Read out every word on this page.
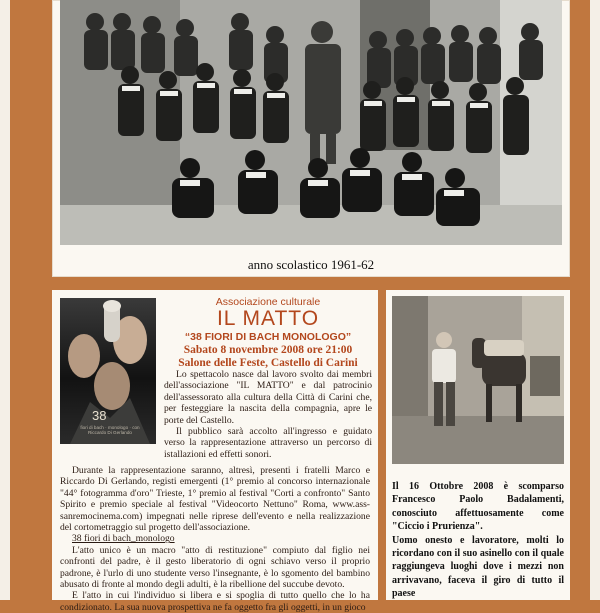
anno scolastico 1961-62
38
fiori di bach · monologo · con Riccardo Di Gerlando
Associazione culturale
IL MATTO
“38 FIORI DI BACH MONOLOGO”
Sabato 8 novembre 2008 ore 21:00
Salone delle Feste, Castello di Carini

Lo spettacolo nasce dal lavoro svolto dai membri dell'associazione "IL MATTO" e dal patrocinio dell'assessorato alla cultura della Città di Carini che, per festeggiare la nascita della compagnia, apre le porte del Castello.

Il pubblico sarà accolto all'ingresso e guidato verso la rappresentazione attraverso un percorso di istallazioni ed effetti sonori.

Durante la rappresentazione saranno, altresì, presenti i fratelli Marco e Riccardo Di Gerlando, registi emergenti (1° premio al concorso internazionale "44° fotogramma d'oro" Trieste, 1° premio al festival "Corti a confronto" Santo Spirito e premio speciale al festival "Videocorto Nettuno" Roma, www.ass-sanremocinema.com) impegnati nelle riprese dell'evento e nella realizzazione del cortometraggio sul progetto dell'associazione.

38 fiori di bach_monologo

L'atto unico è un macro "atto di restituzione" compiuto dal figlio nei confronti del padre, è il gesto liberatorio di ogni schiavo verso il proprio padrone, è l'urlo di uno studente verso l'insegnante, è lo sgomento del bambino abusato di fronte al mondo degli adulti, è la ribellione del succube devoto.

E l'atto in cui l'individuo si libera e si spoglia di tutto quello che lo ha condizionato. La sua nuova prospettiva ne fa oggetto fra gli oggetti, in un gioco

Il 16 Ottobre 2008 è scomparso Francesco Paolo Badalamenti, conosciuto affettuosamente come "Ciccio i Prurienza".

Uomo onesto e lavoratore, molti lo ricordano con il suo asinello con il quale raggiungeva luoghi dove i mezzi non arrivavano, faceva il giro di tutto il paese
